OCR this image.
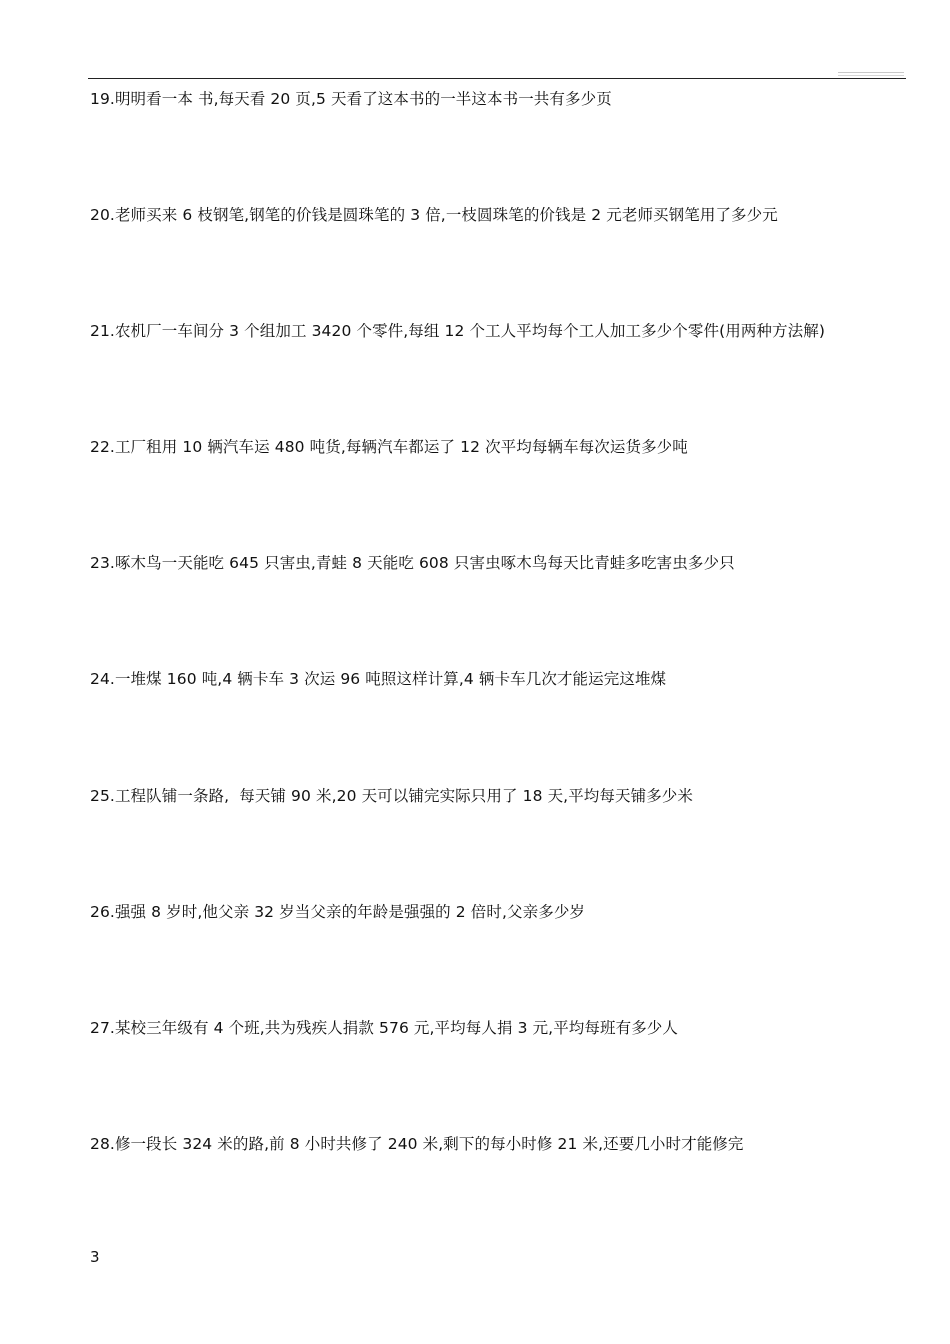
19.明明看一本 书,每天看 20 页,5 天看了这本书的一半这本书一共有多少页
20.老师买来 6 枝钢笔,钢笔的价钱是圆珠笔的 3 倍,一枝圆珠笔的价钱是 2 元老师买钢笔用了多少元
21.农机厂一车间分 3 个组加工 3420 个零件,每组 12 个工人平均每个工人加工多少个零件(用两种方法解)
22.工厂租用 10 辆汽车运 480 吨货,每辆汽车都运了 12 次平均每辆车每次运货多少吨
23.啄木鸟一天能吃 645 只害虫,青蛙 8 天能吃 608 只害虫啄木鸟每天比青蛙多吃害虫多少只
24.一堆煤 160 吨,4 辆卡车 3 次运 96 吨照这样计算,4 辆卡车几次才能运完这堆煤
25.工程队铺一条路,  每天铺 90 米,20 天可以铺完实际只用了 18 天,平均每天铺多少米
26.强强 8 岁时,他父亲 32 岁当父亲的年龄是强强的 2 倍时,父亲多少岁
27.某校三年级有 4 个班,共为残疾人捐款 576 元,平均每人捐 3 元,平均每班有多少人
28.修一段长 324 米的路,前 8 小时共修了 240 米,剩下的每小时修 21 米,还要几小时才能修完
3
